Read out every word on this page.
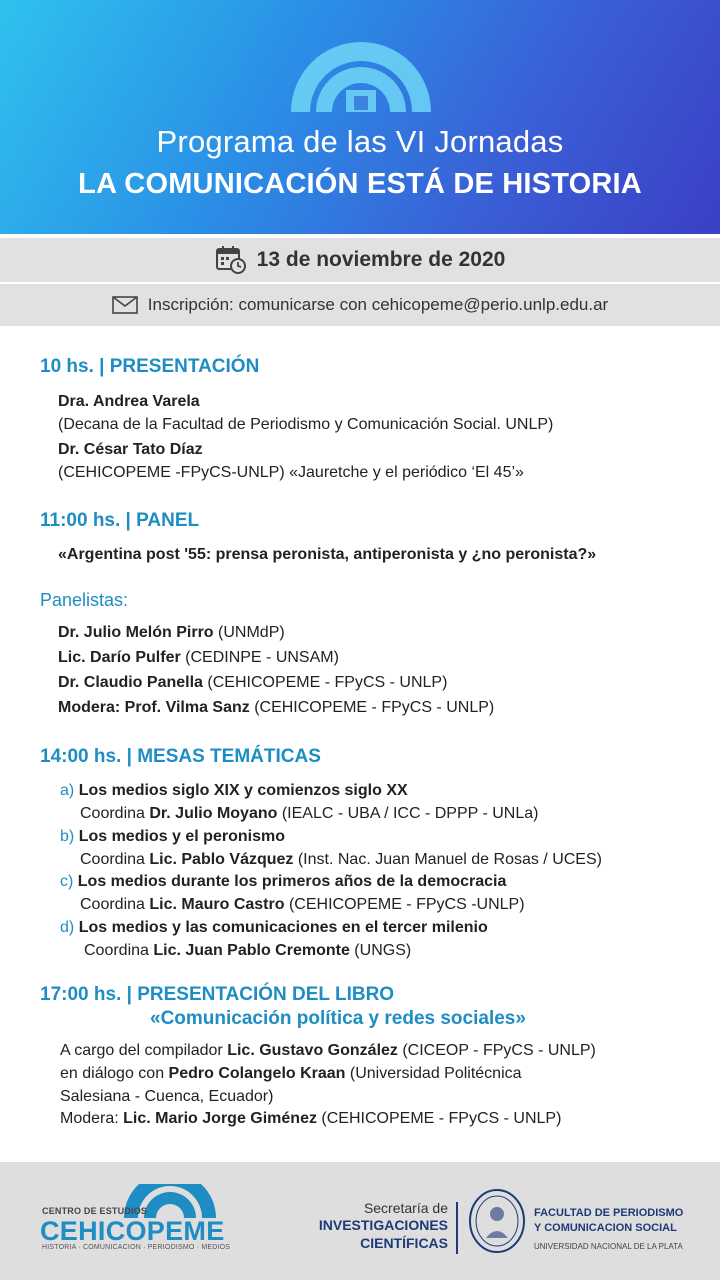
Programa de las VI Jornadas
LA COMUNICACIÓN ESTÁ DE HISTORIA
13 de noviembre de 2020
Inscripción: comunicarse con cehicopeme@perio.unlp.edu.ar
10 hs. | PRESENTACIÓN
Dra. Andrea Varela
(Decana de la Facultad de Periodismo y Comunicación Social. UNLP)
Dr. César Tato Díaz
(CEHICOPEME -FPyCS-UNLP) «Jauretche y el periódico ‘El 45’»
11:00 hs. | PANEL
«Argentina post '55: prensa peronista, antiperonista y ¿no peronista?»
Panelistas:
Dr. Julio Melón Pirro (UNMdP)
Lic. Darío Pulfer (CEDINPE - UNSAM)
Dr. Claudio Panella (CEHICOPEME - FPyCS - UNLP)
Modera: Prof. Vilma Sanz (CEHICOPEME - FPyCS - UNLP)
14:00 hs. | MESAS TEMÁTICAS
a) Los medios siglo XIX y comienzos siglo XX
Coordina Dr. Julio Moyano (IEALC - UBA / ICC - DPPP - UNLa)
b) Los medios y el peronismo
Coordina Lic. Pablo Vázquez (Inst. Nac. Juan Manuel de Rosas / UCES)
c) Los medios durante los primeros años de la democracia
Coordina Lic. Mauro Castro (CEHICOPEME - FPyCS -UNLP)
d) Los medios y las comunicaciones en el tercer milenio
Coordina Lic. Juan Pablo Cremonte (UNGS)
17:00 hs. | PRESENTACIÓN DEL LIBRO
«Comunicación política y redes sociales»
A cargo del compilador Lic. Gustavo González (CICEOP - FPyCS - UNLP)
en diálogo con Pedro Colangelo Kraan (Universidad Politécnica
Salesiana - Cuenca, Ecuador)
Modera: Lic. Mario Jorge Giménez (CEHICOPEME - FPyCS - UNLP)
CENTRO DE ESTUDIOS
CEHICOPEME
HISTORIA · COMUNICACION · PERIODISMO · MEDIOS
Secretaría de
INVESTIGACIONES
CIENTÍFICAS
FACULTAD DE PERIODISMO
Y COMUNICACION SOCIAL
UNIVERSIDAD NACIONAL DE LA PLATA
